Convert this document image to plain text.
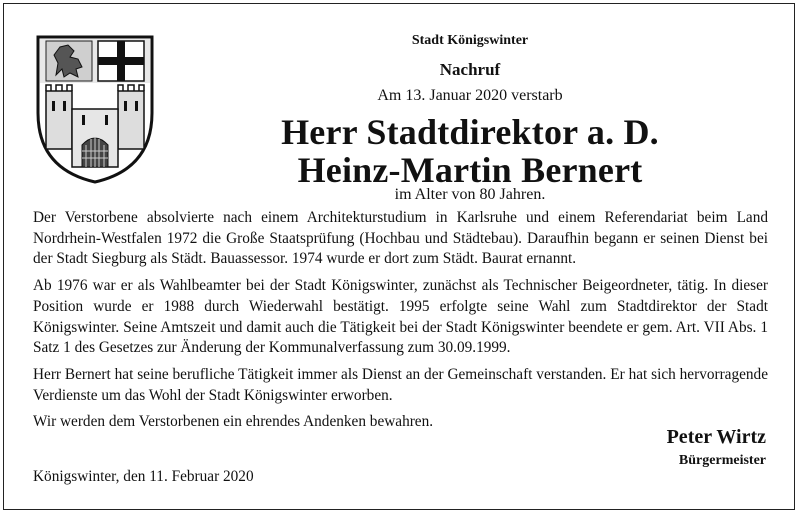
Stadt Königswinter
Nachruf
Am 13. Januar 2020 verstarb
Herr Stadtdirektor a. D.
Heinz-Martin Bernert
im Alter von 80 Jahren.

Der Verstorbene absolvierte nach einem Architekturstudium in Karlsruhe und einem Referendariat beim Land Nordrhein-Westfalen 1972 die Große Staatsprüfung (Hochbau und Städtebau). Daraufhin begann er seinen Dienst bei der Stadt Siegburg als Städt. Bauassessor. 1974 wurde er dort zum Städt. Baurat ernannt.

Ab 1976 war er als Wahlbeamter bei der Stadt Königswinter, zunächst als Technischer Beigeordneter, tätig. In dieser Position wurde er 1988 durch Wiederwahl bestätigt. 1995 erfolgte seine Wahl zum Stadtdirektor der Stadt Königswinter. Seine Amtszeit und damit auch die Tätigkeit bei der Stadt Königswinter beendete er gem. Art. VII Abs. 1 Satz 1 des Gesetzes zur Änderung der Kommunalverfassung zum 30.09.1999.

Herr Bernert hat seine berufliche Tätigkeit immer als Dienst an der Gemeinschaft verstanden. Er hat sich hervorragende Verdienste um das Wohl der Stadt Königswinter erworben.

Wir werden dem Verstorbenen ein ehrendes Andenken bewahren.

Peter Wirtz
Bürgermeister
Königswinter, den 11. Februar 2020
